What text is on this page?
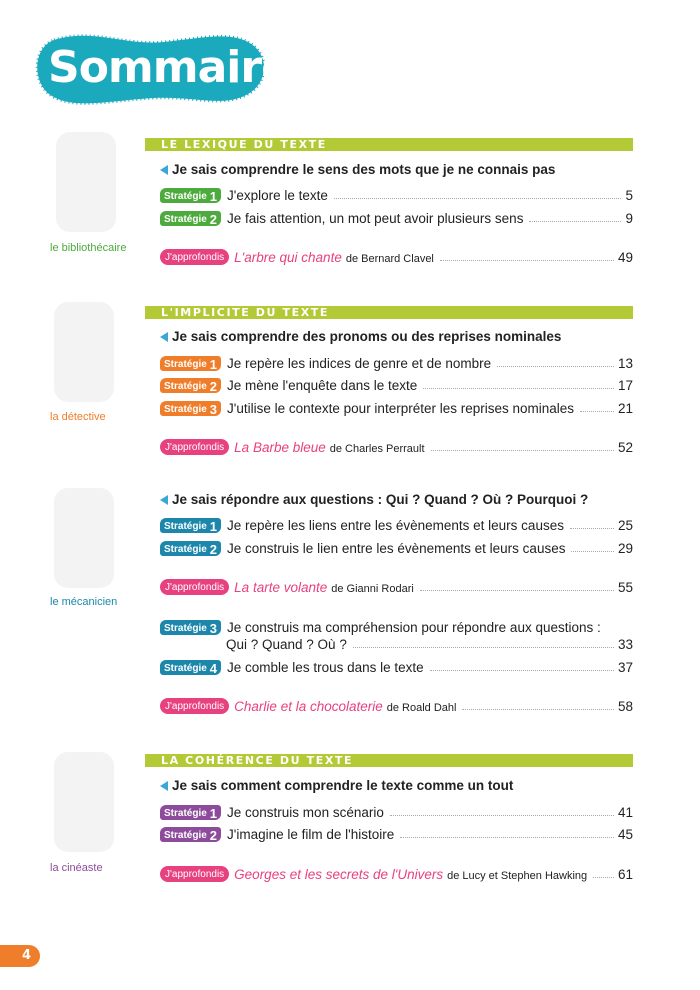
Sommaire
le bibliothécaire
LE LEXIQUE DU TEXTE
Je sais comprendre le sens des mots que je ne connais pas
Stratégie 1 J'explore le texte	5
Stratégie 2 Je fais attention, un mot peut avoir plusieurs sens	9
J'approfondis L'arbre qui chante de Bernard Clavel	49
la détective
L'IMPLICITE DU TEXTE
Je sais comprendre des pronoms ou des reprises nominales
Stratégie 1 Je repère les indices de genre et de nombre	13
Stratégie 2 Je mène l'enquête dans le texte	17
Stratégie 3 J'utilise le contexte pour interpréter les reprises nominales	21
J'approfondis La Barbe bleue de Charles Perrault	52
le mécanicien
Je sais répondre aux questions : Qui ? Quand ? Où ? Pourquoi ?
Stratégie 1 Je repère les liens entre les évènements et leurs causes	25
Stratégie 2 Je construis le lien entre les évènements et leurs causes	29
J'approfondis La tarte volante de Gianni Rodari	55
Stratégie 3 Je construis ma compréhension pour répondre aux questions :
Qui ? Quand ? Où ?	33
Stratégie 4 Je comble les trous dans le texte	37
J'approfondis Charlie et la chocolaterie de Roald Dahl	58
la cinéaste
LA COHÉRENCE DU TEXTE
Je sais comment comprendre le texte comme un tout
Stratégie 1 Je construis mon scénario	41
Stratégie 2 J'imagine le film de l'histoire	45
J'approfondis Georges et les secrets de l'Univers de Lucy et Stephen Hawking 61
4
